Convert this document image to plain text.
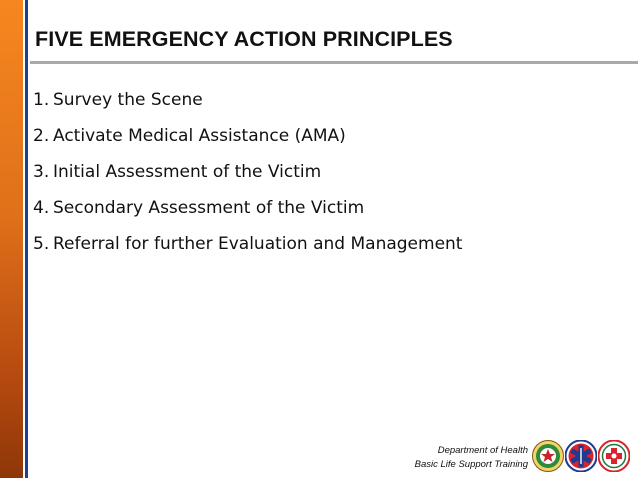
FIVE EMERGENCY ACTION PRINCIPLES
1. Survey the Scene
2. Activate Medical Assistance (AMA)
3. Initial Assessment of the Victim
4. Secondary Assessment of the Victim
5. Referral for further Evaluation and Management
Department of Health
Basic Life Support Training
